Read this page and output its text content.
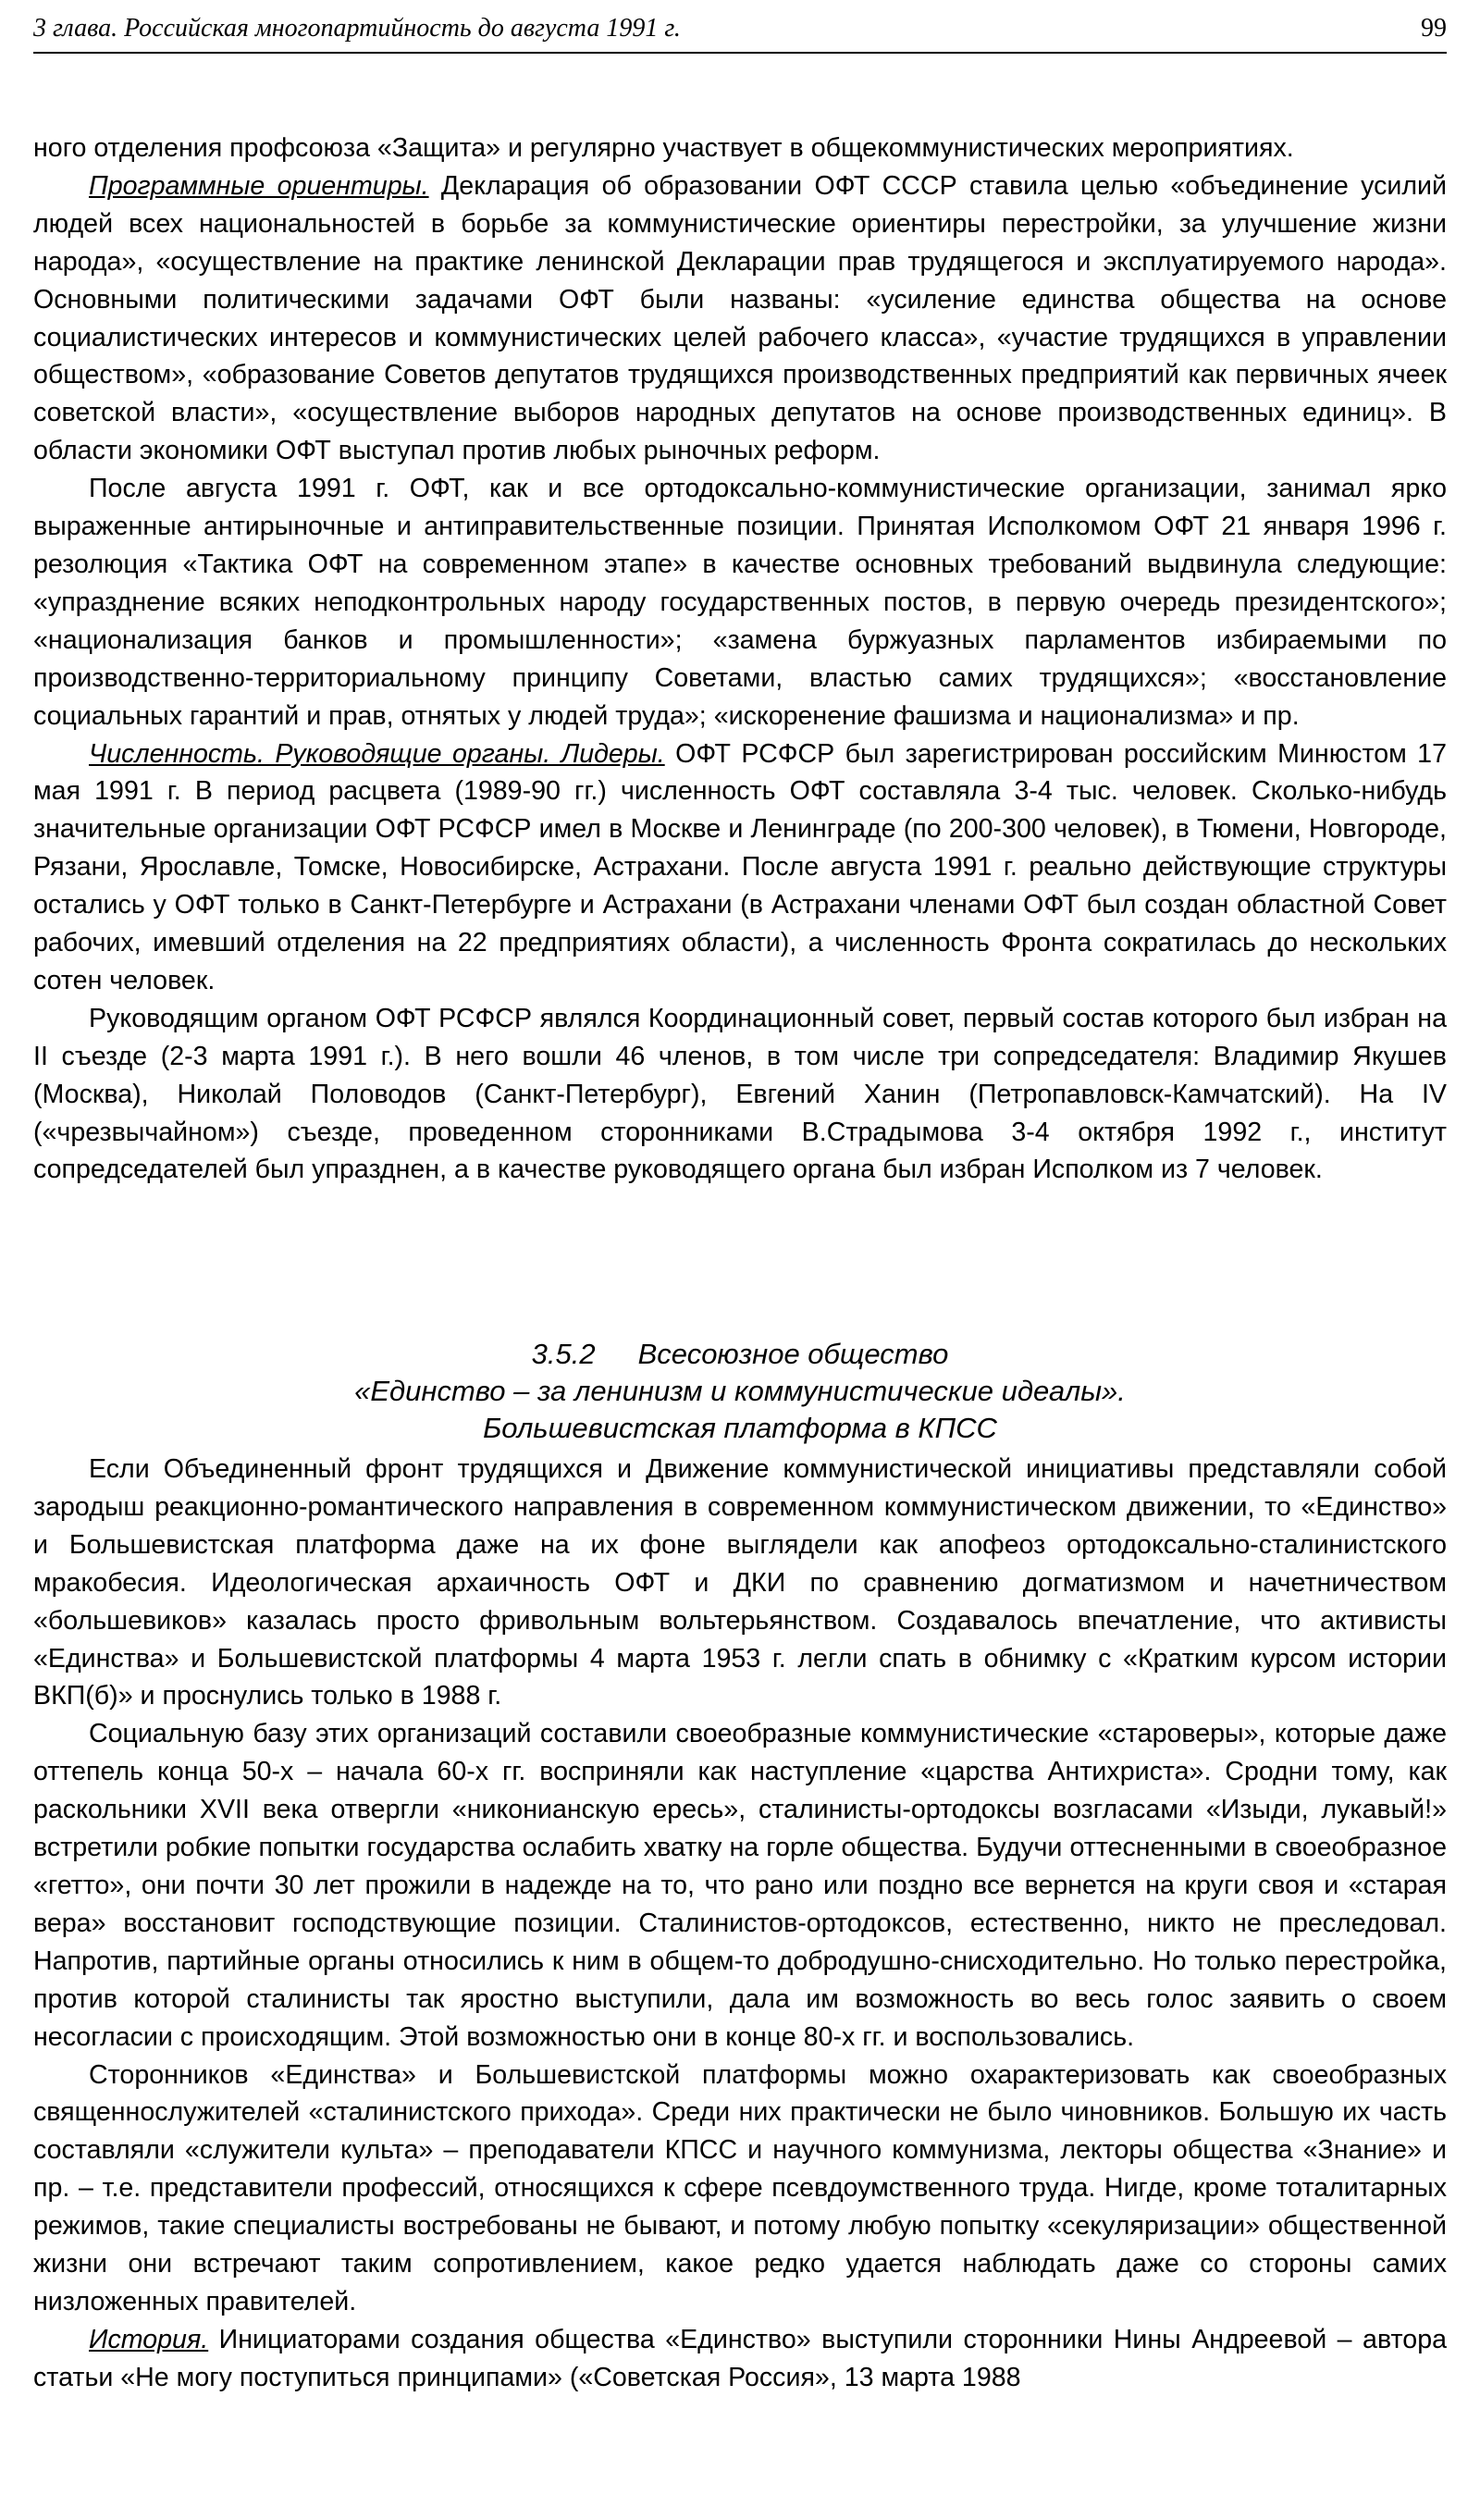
3 глава. Российская многопартийность до августа 1991 г.	99

ного отделения профсоюза «Защита» и регулярно участвует в общекоммунистических мероприятиях.

Программные ориентиры. Декларация об образовании ОФТ СССР ставила целью «объединение усилий людей всех национальностей в борьбе за коммунистические ориентиры перестройки, за улучшение жизни народа», «осуществление на практике ленинской Декларации прав трудящегося и эксплуатируемого народа». Основными политическими задачами ОФТ были названы: «усиление единства общества на основе социалистических интересов и коммунистических целей рабочего класса», «участие трудящихся в управлении обществом», «образование Советов депутатов трудящихся производственных предприятий как первичных ячеек советской власти», «осуществление выборов народных депутатов на основе производственных единиц». В области экономики ОФТ выступал против любых рыночных реформ.

После августа 1991 г. ОФТ, как и все ортодоксально-коммунистические организации, занимал ярко выраженные антирыночные и антиправительственные позиции. Принятая Исполкомом ОФТ 21 января 1996 г. резолюция «Тактика ОФТ на современном этапе» в качестве основных требований выдвинула следующие: «упразднение всяких неподконтрольных народу государственных постов, в первую очередь президентского»; «национализация банков и промышленности»; «замена буржуазных парламентов избираемыми по производственно-территориальному принципу Советами, властью самих трудящихся»; «восстановление социальных гарантий и прав, отнятых у людей труда»; «искоренение фашизма и национализма» и пр.

Численность. Руководящие органы. Лидеры. ОФТ РСФСР был зарегистрирован российским Минюстом 17 мая 1991 г. В период расцвета (1989-90 гг.) численность ОФТ составляла 3-4 тыс. человек. Сколько-нибудь значительные организации ОФТ РСФСР имел в Москве и Ленинграде (по 200-300 человек), в Тюмени, Новгороде, Рязани, Ярославле, Томске, Новосибирске, Астрахани. После августа 1991 г. реально действующие структуры остались у ОФТ только в Санкт-Петербурге и Астрахани (в Астрахани членами ОФТ был создан областной Совет рабочих, имевший отделения на 22 предприятиях области), а численность Фронта сократилась до нескольких сотен человек.

Руководящим органом ОФТ РСФСР являлся Координационный совет, первый состав которого был избран на II съезде (2-3 марта 1991 г.). В него вошли 46 членов, в том числе три сопредседателя: Владимир Якушев (Москва), Николай Половодов (Санкт-Петербург), Евгений Ханин (Петропавловск-Камчатский). На IV («чрезвычайном») съезде, проведенном сторонниками В.Страдымова 3-4 октября 1992 г., институт сопредседателей был упразднен, а в качестве руководящего органа был избран Исполком из 7 человек.

3.5.2 Всесоюзное общество
«Единство – за ленинизм и коммунистические идеалы».
Большевистская платформа в КПСС

Если Объединенный фронт трудящихся и Движение коммунистической инициативы представляли собой зародыш реакционно-романтического направления в современном коммунистическом движении, то «Единство» и Большевистская платформа даже на их фоне выглядели как апофеоз ортодоксально-сталинистского мракобесия. Идеологическая архаичность ОФТ и ДКИ по сравнению догматизмом и начетничеством «большевиков» казалась просто фривольным вольтерьянством. Создавалось впечатление, что активисты «Единства» и Большевистской платформы 4 марта 1953 г. легли спать в обнимку с «Кратким курсом истории ВКП(б)» и проснулись только в 1988 г.

Социальную базу этих организаций составили своеобразные коммунистические «староверы», которые даже оттепель конца 50-х – начала 60-х гг. восприняли как наступление «царства Антихриста». Сродни тому, как раскольники XVII века отвергли «никонианскую ересь», сталинисты-ортодоксы возгласами «Изыди, лукавый!» встретили робкие попытки государства ослабить хватку на горле общества. Будучи оттесненными в своеобразное «гетто», они почти 30 лет прожили в надежде на то, что рано или поздно все вернется на круги своя и «старая вера» восстановит господствующие позиции. Сталинистов-ортодоксов, естественно, никто не преследовал. Напротив, партийные органы относились к ним в общем-то добродушно-снисходительно. Но только перестройка, против которой сталинисты так яростно выступили, дала им возможность во весь голос заявить о своем несогласии с происходящим. Этой возможностью они в конце 80-х гг. и воспользовались.

Сторонников «Единства» и Большевистской платформы можно охарактеризовать как своеобразных священнослужителей «сталинистского прихода». Среди них практически не было чиновников. Большую их часть составляли «служители культа» – преподаватели КПСС и научного коммунизма, лекторы общества «Знание» и пр. – т.е. представители профессий, относящихся к сфере псевдоумственного труда. Нигде, кроме тоталитарных режимов, такие специалисты востребованы не бывают, и потому любую попытку «секуляризации» общественной жизни они встречают таким сопротивлением, какое редко удается наблюдать даже со стороны самих низложенных правителей.

История. Инициаторами создания общества «Единство» выступили сторонники Нины Андреевой – автора статьи «Не могу поступиться принципами» («Советская Россия», 13 марта 1988
